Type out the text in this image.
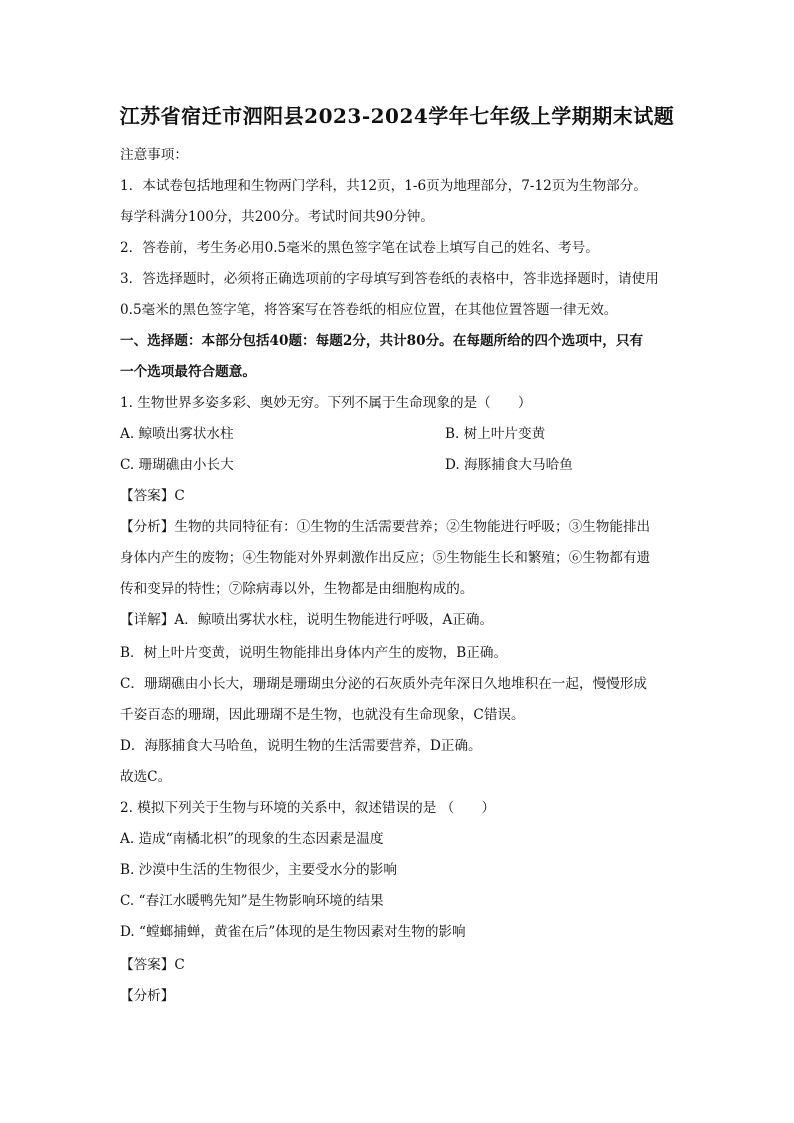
江苏省宿迁市泗阳县2023-2024学年七年级上学期期末试题
注意事项：
1．本试卷包括地理和生物两门学科，共12页，1-6页为地理部分，7-12页为生物部分。
每学科满分100分，共200分。考试时间共90分钟。
2．答卷前，考生务必用0.5毫米的黑色签字笔在试卷上填写自己的姓名、考号。
3．答选择题时，必须将正确选项前的字母填写到答卷纸的表格中，答非选择题时，请使用
0.5毫米的黑色签字笔，将答案写在答卷纸的相应位置，在其他位置答题一律无效。
一、选择题：本部分包括40题：每题2分，共计80分。在每题所给的四个选项中，只有
一个选项最符合题意。
1. 生物世界多姿多彩、奥妙无穷。下列不属于生命现象的是（　　）
A. 鲸喷出雾状水柱	B. 树上叶片变黄
C. 珊瑚礁由小长大	D. 海豚捕食大马哈鱼
【答案】C
【分析】生物的共同特征有：①生物的生活需要营养；②生物能进行呼吸；③生物能排出
身体内产生的废物；④生物能对外界刺激作出反应；⑤生物能生长和繁殖；⑥生物都有遗
传和变异的特性；⑦除病毒以外，生物都是由细胞构成的。
【详解】A．鲸喷出雾状水柱，说明生物能进行呼吸，A正确。
B．树上叶片变黄，说明生物能排出身体内产生的废物，B正确。
C．珊瑚礁由小长大，珊瑚是珊瑚虫分泌的石灰质外壳年深日久地堆积在一起，慢慢形成
千姿百态的珊瑚，因此珊瑚不是生物，也就没有生命现象，C错误。
D．海豚捕食大马哈鱼，说明生物的生活需要营养，D正确。
故选C。
2. 模拟下列关于生物与环境的关系中，叙述错误的是 （　　）
A. 造成“南橘北枳”的现象的生态因素是温度
B. 沙漠中生活的生物很少，主要受水分的影响
C. “春江水暖鸭先知”是生物影响环境的结果
D. “螳螂捕蝉，黄雀在后”体现的是生物因素对生物的影响
【答案】C
【分析】
